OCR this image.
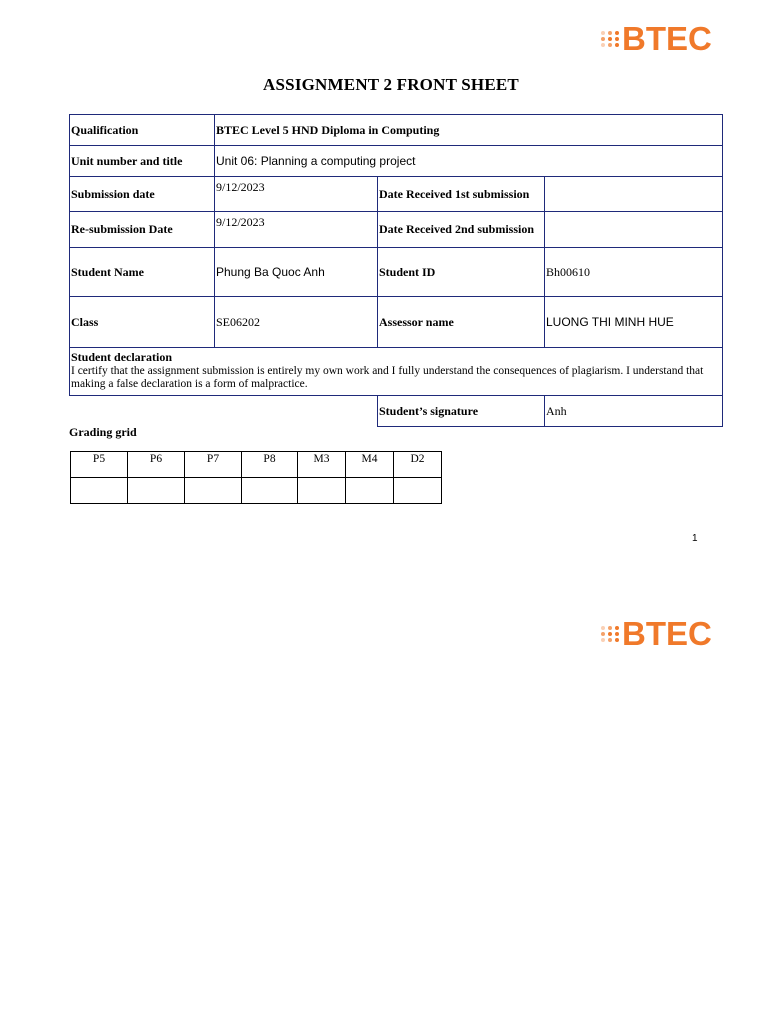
BTEC
ASSIGNMENT 2 FRONT SHEET
Qualification	BTEC Level 5 HND Diploma in Computing		
Unit number and title	Unit 06: Planning a computing project		
Submission date	9/12/2023	Date Received 1st submission	
Re-submission Date	9/12/2023	Date Received 2nd submission	
Student Name	Phung Ba Quoc Anh	Student ID	Bh00610
Class	SE06202	Assessor name	LUONG THI MINH HUE

Student declaration
I certify that the assignment submission is entirely my own work and I fully understand the consequences of plagiarism. I understand that making a false declaration is a form of malpractice.			

		Student’s signature	Anh
Grading grid
P5	P6	P7	P8	M3	M4	D2

1
BTEC
